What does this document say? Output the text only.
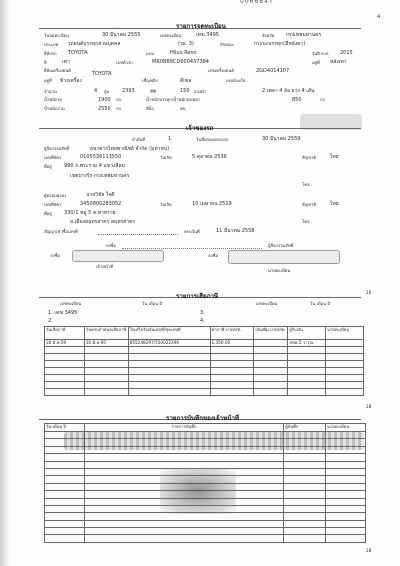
4
0066847
รายการจดทะเบียน
วันจดทะเบียน	30 มีนาคม 2555	เลขทะเบียน	เดฆ 3495	จังหวัด กรุงเทพมหานคร
ประเภท รถยนต์บรรทุกส่วนบุคคล	(รย. 3)	ลักษณะ	กระบะบรรทุก(มีหลังคา)
ยี่ห้อรถ TOYOTA	แบบ	Hilux Revo	รุ่นปี ค.ศ. 2015
สี	เทา	เลขตัวรถ	MR0BB8CD600437384	อยู่ที่ หลังเทา
ยี่ห้อเครื่องยนต์
TOYOTA
เลขเครื่องยนต์	2GD4014107
อยู่ที่ ข้างเครื่อง	เชื้อเพลิง	ดีเซล	เลขถังแก๊ส
จำนวน	4 สูบ	2393	ซีซี	150 แรงม้า	2 เพลา 4 ล้อ ยาง 4 เส้น
น้ำหนักรถ	1900 กก.	น้ำหนักบรรทุก/น้ำหนักลงเพลา	850	กก.
น้ำหนักรวม	2550 กก.	ที่นั่ง	คน
เจ้าของรถ
ลำดับที่	1	วันที่ครอบครองรถ	30 มีนาคม 2559
ผู้ถือกรรมสิทธิ์	ธนาคารไทยพาณิชย์ จำกัด (มหาชน)
เลขที่บัตร	0105536113550	วันเกิด	5 ตุลาคม 2536	สัญชาติ	ไทย
ที่อยู่ 990 ถ.พระราม 4 แขวงสีลม
เขตบางรัก กรุงเทพมหานคร
โทร.
ผู้ครอบครอง	นายวิชัย ใจดี
เลขที่บัตร	3450800283052	วันเกิด	10 เมษายน 2519	สัญชาติ	ไทย
ที่อยู่ 330/1 หมู่ 5 ต.ท่าทราย
อ.เมืองสมุทรสาคร สมุทรสาคร	โทร.
สัญญาเช่าซื้อเลขที่	ครบวันที่	11 มีนาคม 2558
ลงชื่อ	ผู้ถือกรรมสิทธิ์
ลงชื่อ
เจ้าหน้าที่
ลงชื่อ
นายทะเบียน
16
รายการเสียภาษี
เลขทะเบียน	วัน เดือน ปี	เลขทะเบียน	วัน เดือน ปี
1. เดฆ 3495	3.
2.	4.
วันเสียภาษี	วันครบกำหนดเสียภาษี	ใบเสร็จรับเงินเลขที่/ชุดเลขที่	ค่าภาษี บาท/สต.	เงินเพิ่ม บาท/สต.	ผู้รับเงิน	นายทะเบียน
30 มี.ค.59	30 มี.ค.60	855248297/550022296	1,350.00		สขพ.5 วารุณ	

18
รายการบันทึกของเจ้าหน้าที่
วัน เดือน ปี	รายการบันทึก	ผู้บันทึก	นายทะเบียน

18
